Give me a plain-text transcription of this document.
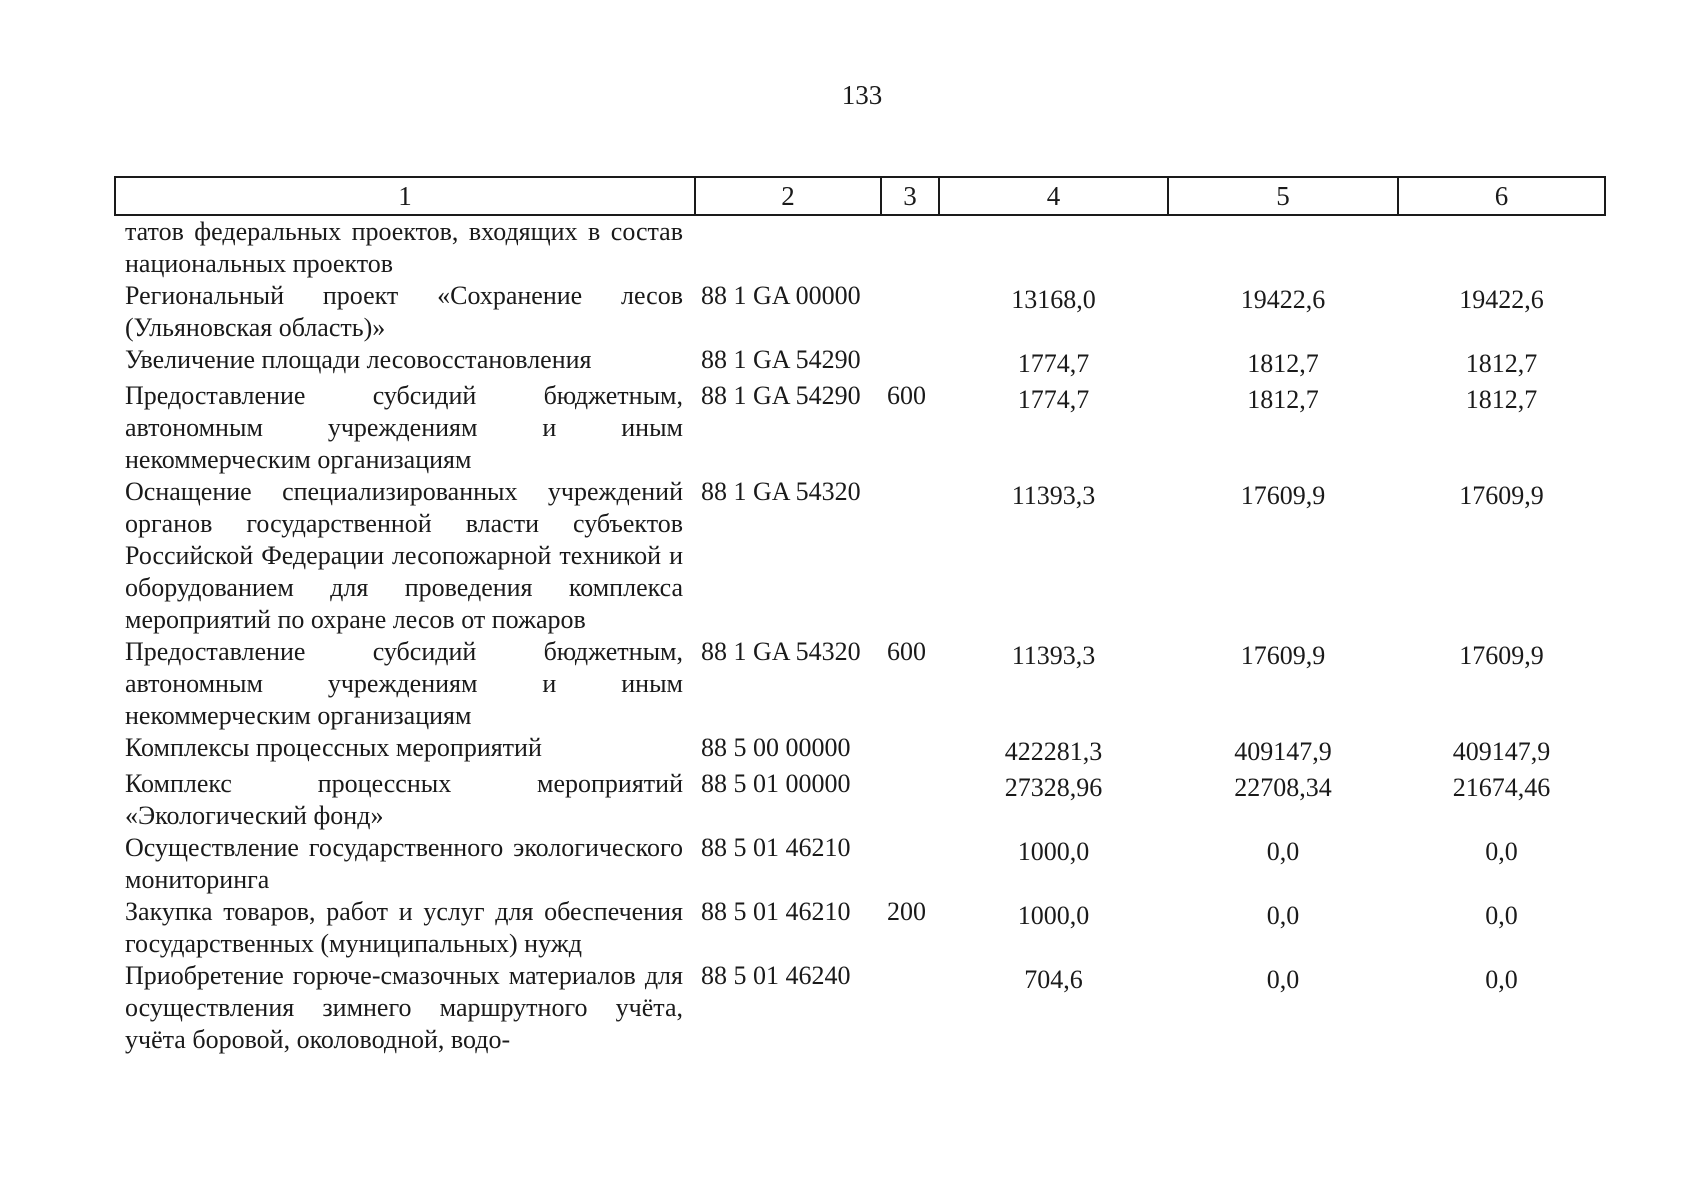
133
1	2	3	4	5	6
татов федеральных проектов, входящих в состав национальных проектов					
Региональный проект «Сохранение лесов (Ульяновская область)»	88 1 GA 00000		13168,0	19422,6	19422,6
Увеличение площади лесовосстановления	88 1 GA 54290		1774,7	1812,7	1812,7
Предоставление субсидий бюджетным, автономным учреждениям и иным некоммерческим организациям	88 1 GA 54290	600	1774,7	1812,7	1812,7
Оснащение специализированных учреждений органов государственной власти субъектов Российской Федерации лесопожарной техникой и оборудованием для проведения комплекса мероприятий по охране лесов от пожаров	88 1 GA 54320		11393,3	17609,9	17609,9
Предоставление субсидий бюджетным, автономным учреждениям и иным некоммерческим организациям	88 1 GA 54320	600	11393,3	17609,9	17609,9
Комплексы процессных мероприятий	88 5 00 00000		422281,3	409147,9	409147,9
Комплекс процессных мероприятий «Экологический фонд»	88 5 01 00000		27328,96	22708,34	21674,46
Осуществление государственного экологического мониторинга	88 5 01 46210		1000,0	0,0	0,0
Закупка товаров, работ и услуг для обеспечения государственных (муниципальных) нужд	88 5 01 46210	200	1000,0	0,0	0,0
Приобретение горюче-смазочных материалов для осуществления зимнего маршрутного учёта, учёта боровой, околоводной, водо-	88 5 01 46240		704,6	0,0	0,0
